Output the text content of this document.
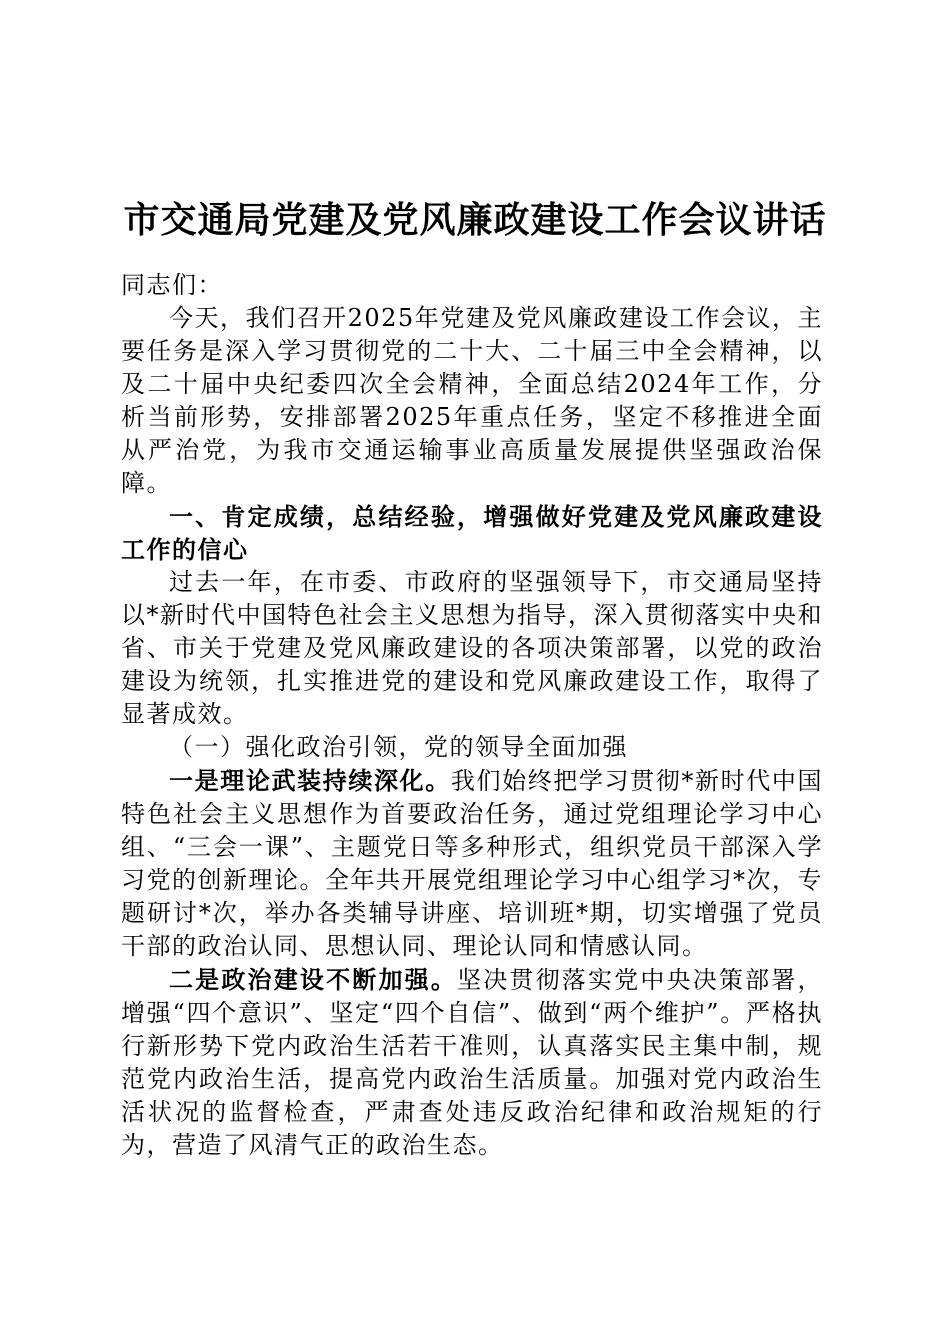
市交通局党建及党风廉政建设工作会议讲话

同志们：

今天，我们召开2025年党建及党风廉政建设工作会议，主要任务是深入学习贯彻党的二十大、二十届三中全会精神，以及二十届中央纪委四次全会精神，全面总结2024年工作，分析当前形势，安排部署2025年重点任务，坚定不移推进全面从严治党，为我市交通运输事业高质量发展提供坚强政治保障。

一、肯定成绩，总结经验，增强做好党建及党风廉政建设工作的信心

过去一年，在市委、市政府的坚强领导下，市交通局坚持以*新时代中国特色社会主义思想为指导，深入贯彻落实中央和省、市关于党建及党风廉政建设的各项决策部署，以党的政治建设为统领，扎实推进党的建设和党风廉政建设工作，取得了显著成效。

（一）强化政治引领，党的领导全面加强

一是理论武装持续深化。我们始终把学习贯彻*新时代中国特色社会主义思想作为首要政治任务，通过党组理论学习中心组、“三会一课”、主题党日等多种形式，组织党员干部深入学习党的创新理论。全年共开展党组理论学习中心组学习*次，专题研讨*次，举办各类辅导讲座、培训班*期，切实增强了党员干部的政治认同、思想认同、理论认同和情感认同。

二是政治建设不断加强。坚决贯彻落实党中央决策部署，增强“四个意识”、坚定“四个自信”、做到“两个维护”。严格执行新形势下党内政治生活若干准则，认真落实民主集中制，规范党内政治生活，提高党内政治生活质量。加强对党内政治生活状况的监督检查，严肃查处违反政治纪律和政治规矩的行为，营造了风清气正的政治生态。
